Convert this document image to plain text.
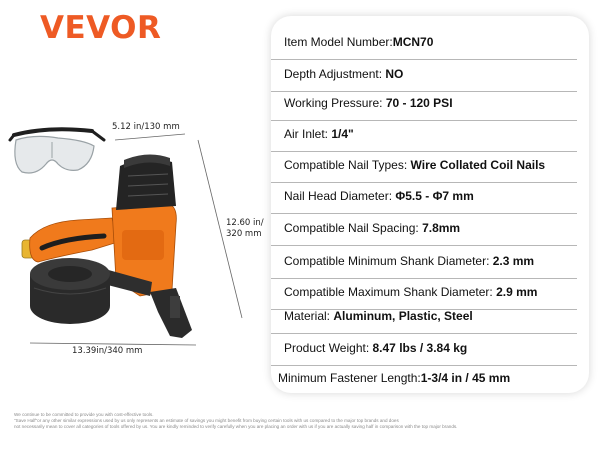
VEVOR
5.12 in/130 mm
12.60 in/
320 mm
13.39in/340 mm
Item Model Number:MCN70
Depth Adjustment: NO
Working Pressure: 70 - 120 PSI
Air Inlet: 1/4"
Compatible Nail Types: Wire Collated Coil Nails
Nail Head Diameter: Φ5.5 - Φ7 mm
Compatible Nail Spacing: 7.8mm
Compatible Minimum Shank Diameter: 2.3 mm
Compatible Maximum Shank Diameter: 2.9 mm
Material: Aluminum, Plastic, Steel
Product Weight: 8.47 lbs / 3.84 kg
Minimum Fastener Length:1-3/4 in / 45 mm
We continue to be committed to provide you with cost-effective tools.
"Save Half"or any other similar expressions used by us only represents an estimate of savings you might benefit from buying certain tools with us compared to the major top brands and does
not necessarily mean to cover all categories of tools offered by us. You are kindly reminded to verify carefully when you are placing an order with us if you are actually saving half in comparison with the top major brands.
